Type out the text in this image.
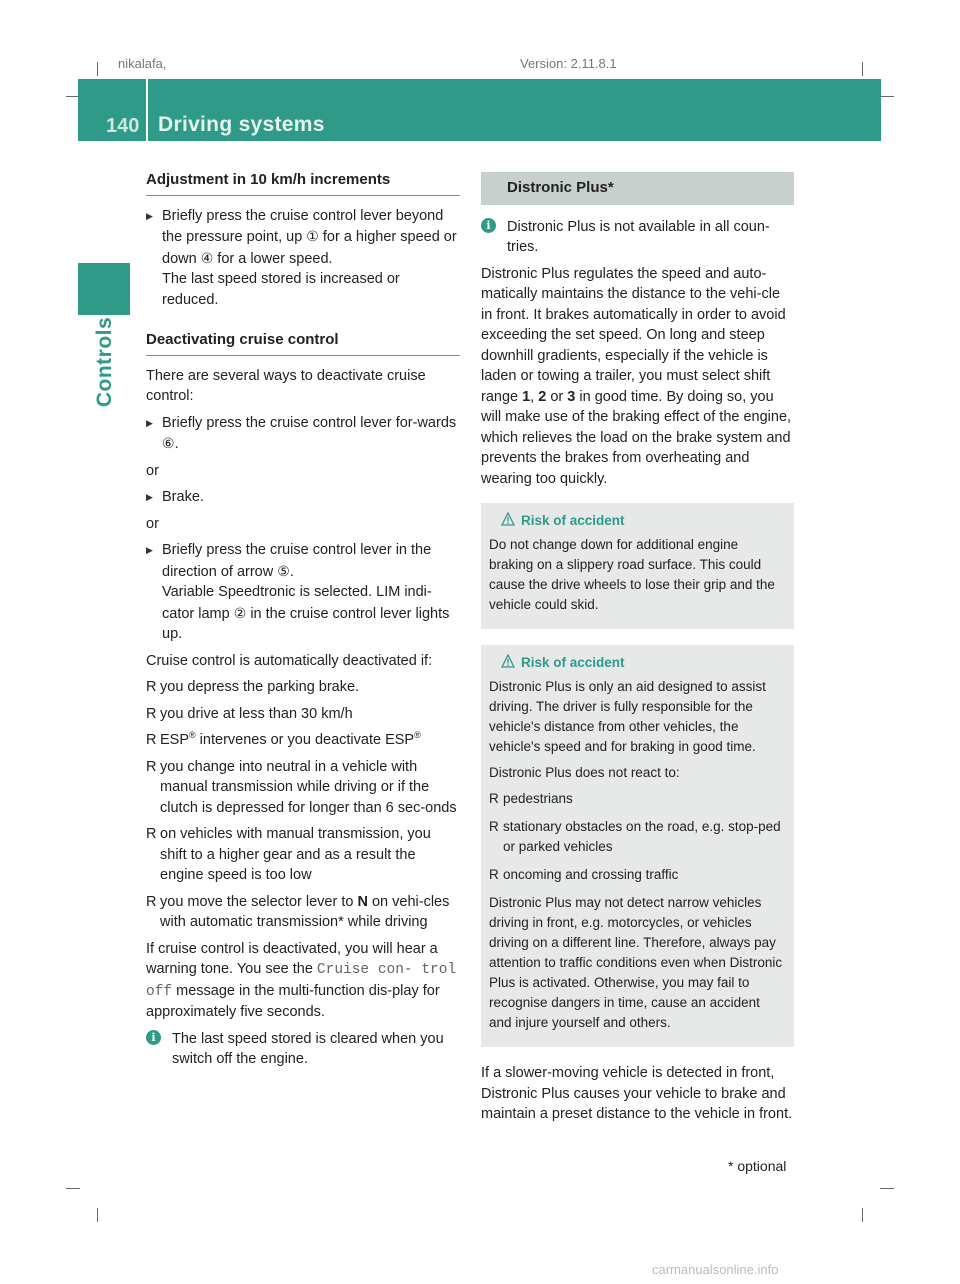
nikalafa,	Version: 2.11.8.1
140 Driving systems
Controls
Adjustment in 10 km/h increments
▶ Briefly press the cruise control lever beyond the pressure point, up ① for a higher speed or down ④ for a lower speed.
The last speed stored is increased or reduced.
Deactivating cruise control

There are several ways to deactivate cruise control:

▶ Briefly press the cruise control lever for-wards ⑥.

or

▶ Brake.

or

▶ Briefly press the cruise control lever in the direction of arrow ⑤.
Variable Speedtronic is selected. LIM indi-cator lamp ② in the cruise control lever lights up.

Cruise control is automatically deactivated if:

R you depress the parking brake.
R you drive at less than 30 km/h
R ESP® intervenes or you deactivate ESP®
R you change into neutral in a vehicle with manual transmission while driving or if the clutch is depressed for longer than 6 sec-onds
R on vehicles with manual transmission, you shift to a higher gear and as a result the engine speed is too low
R you move the selector lever to N on vehi-cles with automatic transmission* while driving

If cruise control is deactivated, you will hear a warning tone. You see the Cruise con‐ trol off message in the multi-function dis-play for approximately five seconds.

i	The last speed stored is cleared when you switch off the engine.
Distronic Plus*
i	Distronic Plus is not available in all coun-tries.

Distronic Plus regulates the speed and auto-matically maintains the distance to the vehi-cle in front. It brakes automatically in order to avoid exceeding the set speed. On long and steep downhill gradients, especially if the vehicle is laden or towing a trailer, you must select shift range 1, 2 or 3 in good time. By doing so, you will make use of the braking effect of the engine, which relieves the load on the brake system and prevents the brakes from overheating and wearing too quickly.

Risk of accident

Do not change down for additional engine braking on a slippery road surface. This could cause the drive wheels to lose their grip and the vehicle could skid.

Risk of accident

Distronic Plus is only an aid designed to assist driving. The driver is fully responsible for the vehicle's distance from other vehicles, the vehicle's speed and for braking in good time.

Distronic Plus does not react to:

R pedestrians
R stationary obstacles on the road, e.g. stop-ped or parked vehicles
R oncoming and crossing traffic

Distronic Plus may not detect narrow vehicles driving in front, e.g. motorcycles, or vehicles driving on a different line. Therefore, always pay attention to traffic conditions even when Distronic Plus is activated. Otherwise, you may fail to recognise dangers in time, cause an accident and injure yourself and others.

If a slower-moving vehicle is detected in front, Distronic Plus causes your vehicle to brake and maintain a preset distance to the vehicle in front.

* optional
carmanualsonline.info
